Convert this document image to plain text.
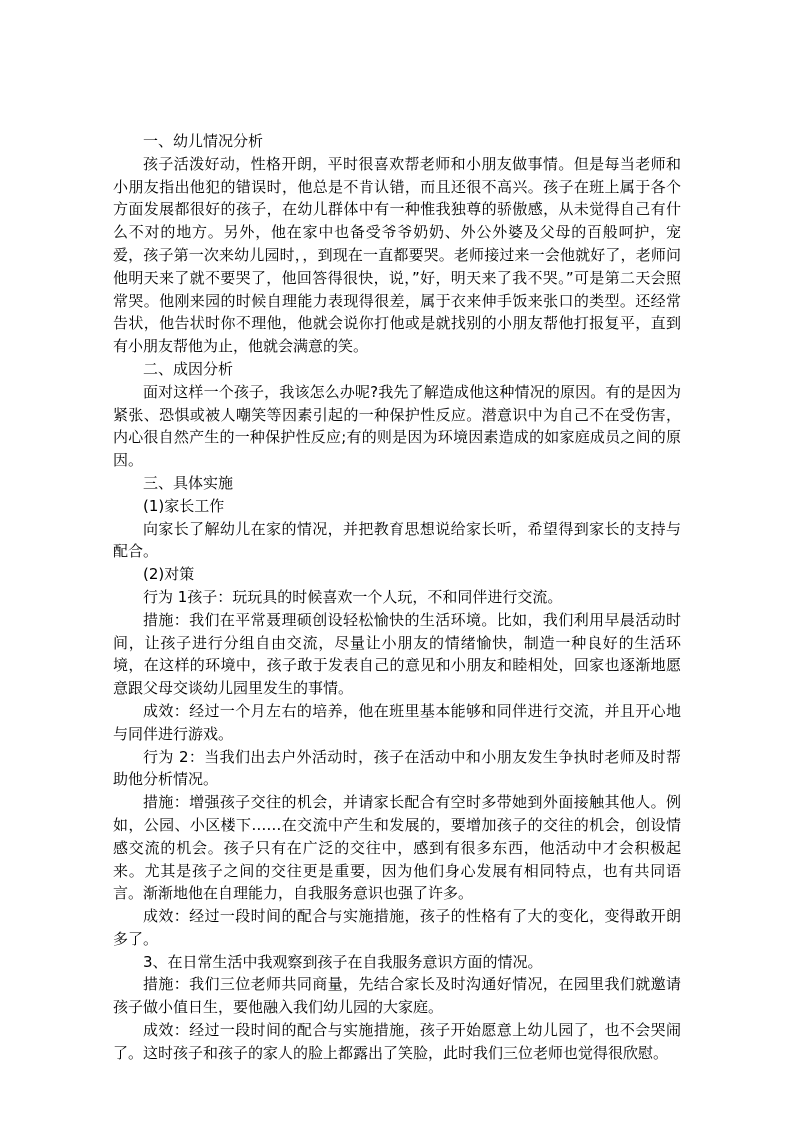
一、幼儿情况分析

孩子活泼好动，性格开朗，平时很喜欢帮老师和小朋友做事情。但是每当老师和小朋友指出他犯的错误时，他总是不肯认错，而且还很不高兴。孩子在班上属于各个方面发展都很好的孩子，在幼儿群体中有一种惟我独尊的骄傲感，从未觉得自己有什么不对的地方。另外，他在家中也备受爷爷奶奶、外公外婆及父母的百般呵护，宠爱，孩子第一次来幼儿园时，，到现在一直都要哭。老师接过来一会他就好了，老师问他明天来了就不要哭了，他回答得很快，说，”好，明天来了我不哭。”可是第二天会照常哭。他刚来园的时候自理能力表现得很差，属于衣来伸手饭来张口的类型。还经常告状，他告状时你不理他，他就会说你打他或是就找别的小朋友帮他打报复平，直到有小朋友帮他为止，他就会满意的笑。

二、成因分析

面对这样一个孩子，我该怎么办呢?我先了解造成他这种情况的原因。有的是因为紧张、恐惧或被人嘲笑等因素引起的一种保护性反应。潜意识中为自己不在受伤害，内心很自然产生的一种保护性反应;有的则是因为环境因素造成的如家庭成员之间的原因。

三、具体实施

(1)家长工作

向家长了解幼儿在家的情况，并把教育思想说给家长听，希望得到家长的支持与配合。

(2)对策

行为 1孩子：玩玩具的时候喜欢一个人玩，不和同伴进行交流。

措施：我们在平常聂理硕创设轻松愉快的生活环境。比如，我们利用早晨活动时间，让孩子进行分组自由交流，尽量让小朋友的情绪愉快，制造一种良好的生活环境，在这样的环境中，孩子敢于发表自己的意见和小朋友和睦相处，回家也逐渐地愿意跟父母交谈幼儿园里发生的事情。

成效：经过一个月左右的培养，他在班里基本能够和同伴进行交流，并且开心地与同伴进行游戏。

行为 2：当我们出去户外活动时，孩子在活动中和小朋友发生争执时老师及时帮助他分析情况。

措施：增强孩子交往的机会，并请家长配合有空时多带她到外面接触其他人。例如，公园、小区楼下……在交流中产生和发展的，要增加孩子的交往的机会，创设情感交流的机会。孩子只有在广泛的交往中，感到有很多东西，他活动中才会积极起来。尤其是孩子之间的交往更是重要，因为他们身心发展有相同特点，也有共同语言。渐渐地他在自理能力，自我服务意识也强了许多。

成效：经过一段时间的配合与实施措施，孩子的性格有了大的变化，变得敢开朗多了。

3、在日常生活中我观察到孩子在自我服务意识方面的情况。

措施：我们三位老师共同商量，先结合家长及时沟通好情况，在园里我们就邀请孩子做小值日生，要他融入我们幼儿园的大家庭。

成效：经过一段时间的配合与实施措施，孩子开始愿意上幼儿园了，也不会哭闹了。这时孩子和孩子的家人的脸上都露出了笑脸，此时我们三位老师也觉得很欣慰。
